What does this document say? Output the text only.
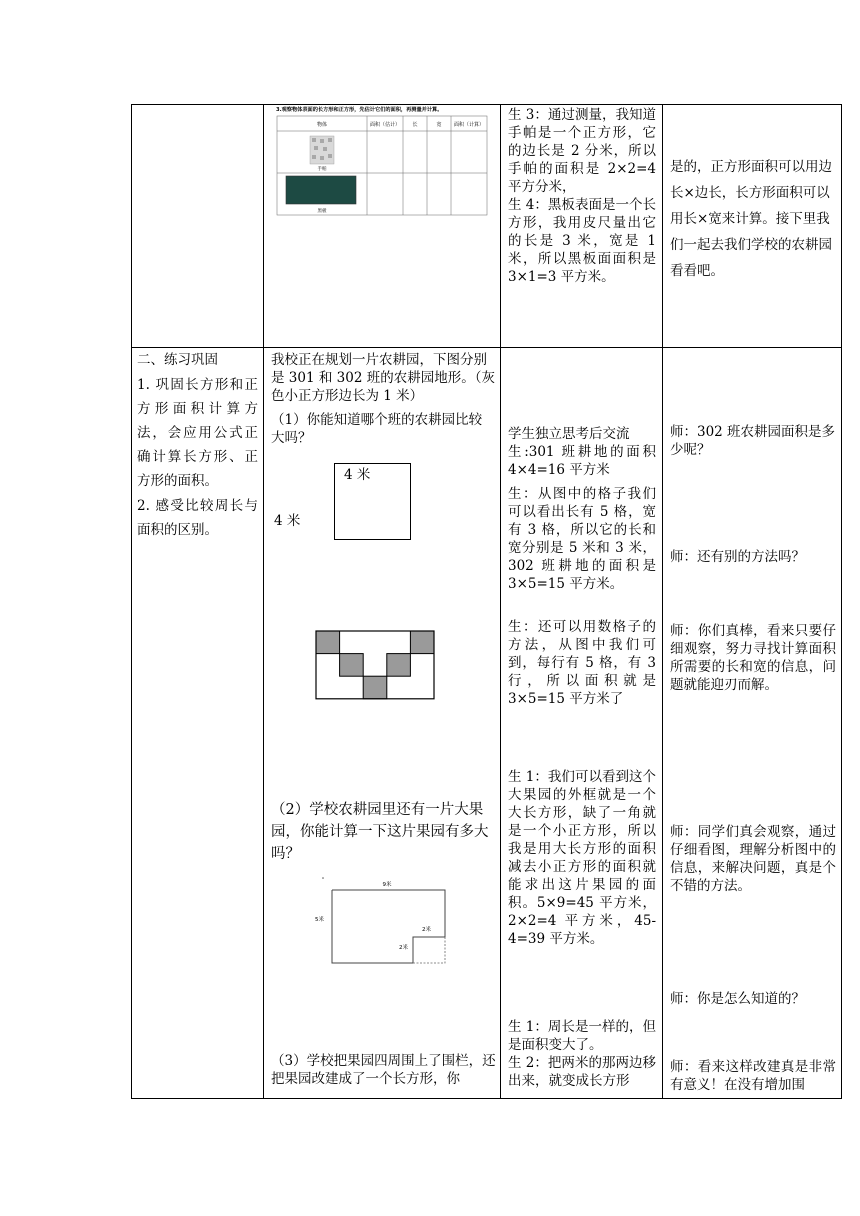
3.观察物体表面的长方形和正方形，先估计它们的面积，再测量并计算。
物体	面积（估计） 长	宽 面积（计算）
手帕
黑板
生 3：通过测量，我知道手帕是一个正方形，它的边长是 2 分米，所以手帕的面积是 2×2=4 平方分米，
生 4：黑板表面是一个长方形，我用皮尺量出它的长是 3 米，宽是 1 米，所以黑板面面积是 3×1=3 平方米。
是的，正方形面积可以用边长×边长，长方形面积可以用长×宽来计算。接下里我们一起去我们学校的农耕园看看吧。
二、练习巩固
1. 巩固长方形和正方形面积计算方法，会应用公式正确计算长方形、正方形的面积。
2. 感受比较周长与面积的区别。
我校正在规划一片农耕园，下图分别是 301 和 302 班的农耕园地形。（灰色小正方形边长为 1 米）
（1）你能知道哪个班的农耕园比较大吗？
4 米
4 米
（2）学校农耕园里还有一片大果园，你能计算一下这片果园有多大吗？
9米
5米
2米
2米
（3）学校把果园四周围上了围栏，还把果园改建成了一个长方形，你
学生独立思考后交流
生:301 班耕地的面积 4×4=16 平方米
生：从图中的格子我们可以看出长有 5 格，宽有 3 格，所以它的长和宽分别是 5 米和 3 米，302 班耕地的面积是 3×5=15 平方米。
生：还可以用数格子的方法，从图中我们可到，每行有 5 格，有 3 行，所以面积就是 3×5=15 平方米了
生 1：我们可以看到这个大果园的外框就是一个大长方形，缺了一角就是一个小正方形，所以我是用大长方形的面积减去小正方形的面积就能求出这片果园的面积。5×9=45 平方米，2×2=4 平方米，45-4=39 平方米。
生 1：周长是一样的，但是面积变大了。
生 2：把两米的那两边移出来，就变成长方形
师：302 班农耕园面积是多少呢？
师：还有别的方法吗？
师：你们真棒，看来只要仔细观察，努力寻找计算面积所需要的长和宽的信息，问题就能迎刃而解。
师：同学们真会观察，通过仔细看图，理解分析图中的信息，来解决问题，真是个不错的方法。
师：你是怎么知道的？
师：看来这样改建真是非常有意义！在没有增加围
